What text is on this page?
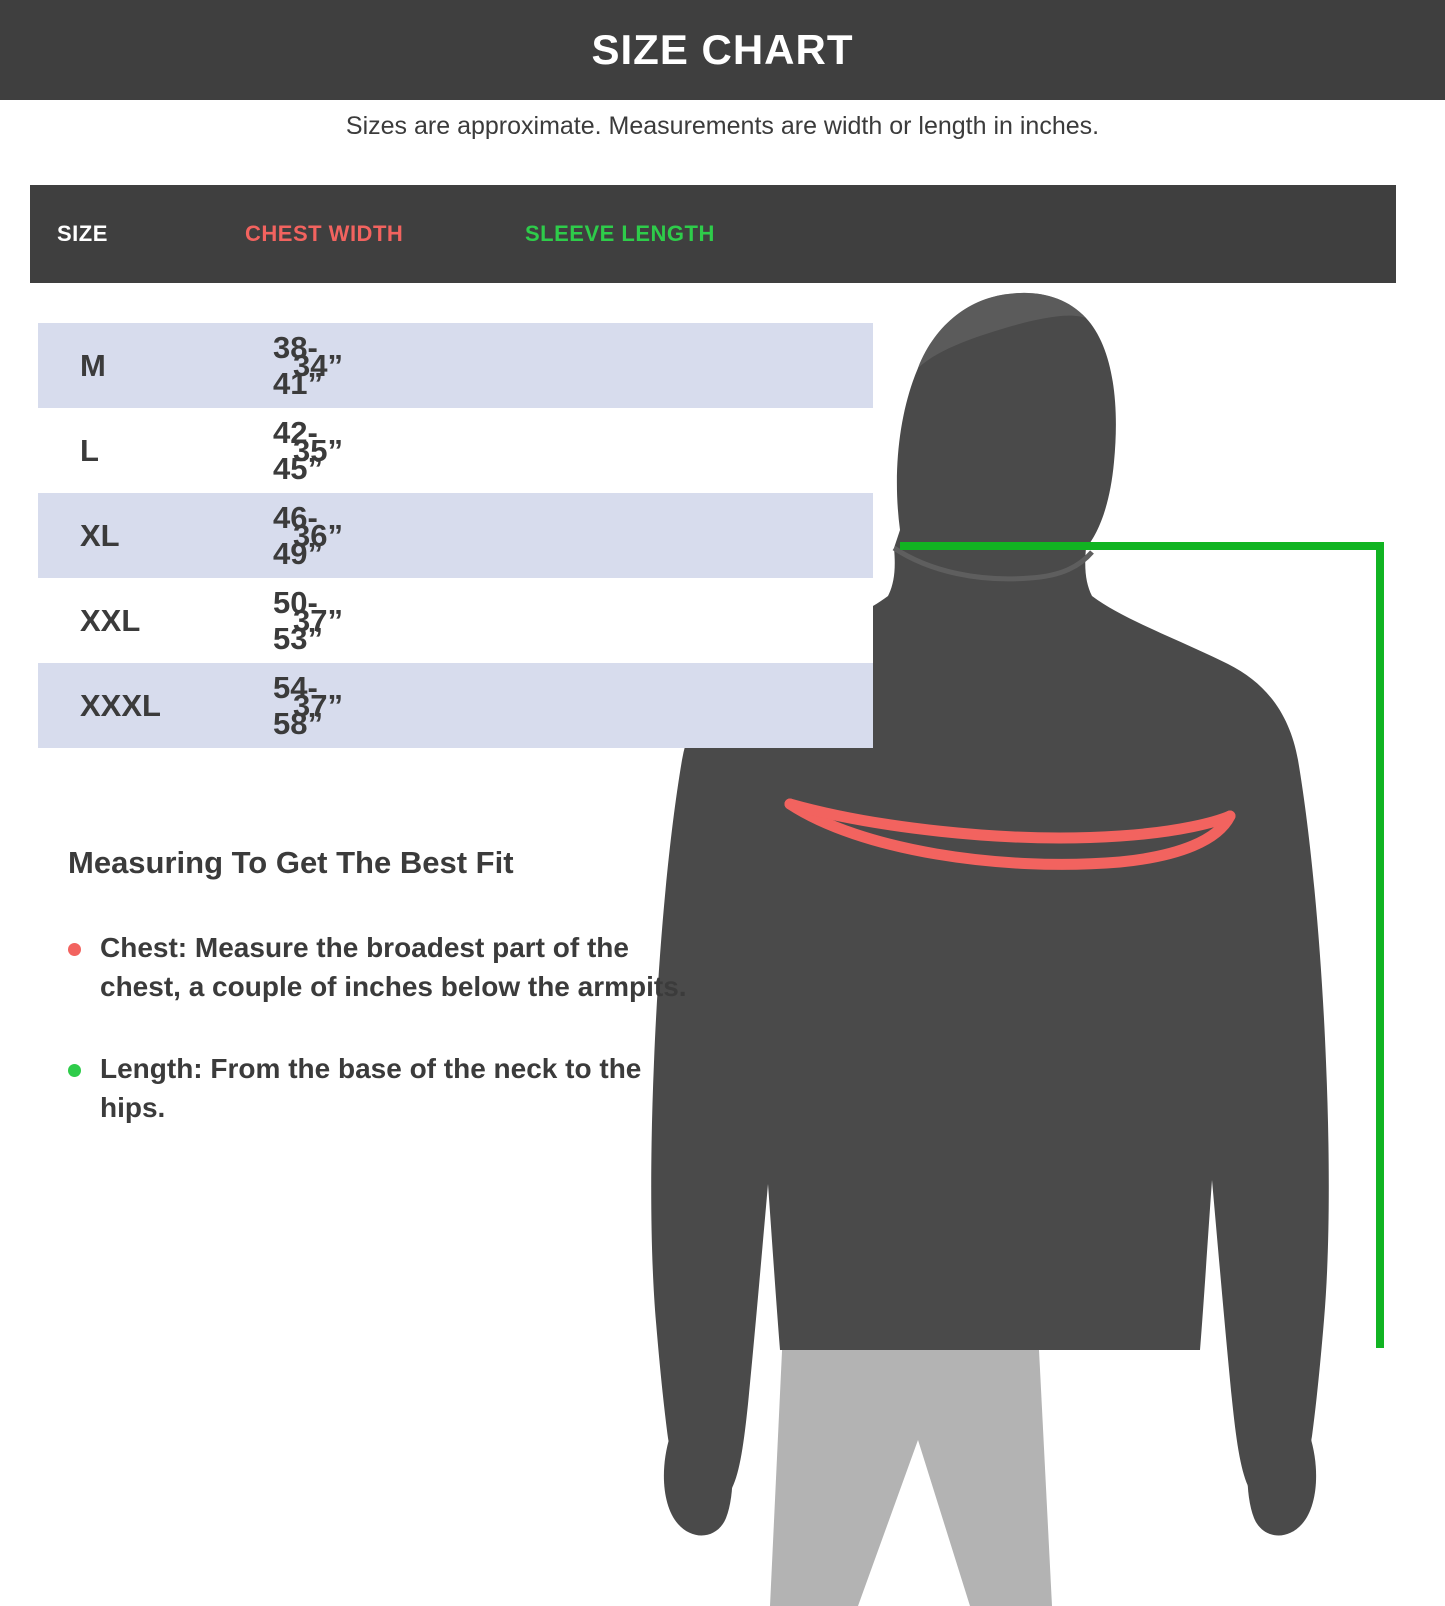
SIZE CHART
Sizes are approximate. Measurements are width or length in inches.
SIZE	CHEST WIDTH	SLEEVE LENGTH
M
38-41”
34”
L
42-45”
35”
XL
46-49”
36”
XXL
50-53”
37”
XXXL
54-58”
37”

Measuring To Get The Best Fit

Chest: Measure the broadest part of the chest, a couple of inches below the armpits.

Length: From the base of the neck to the hips.
